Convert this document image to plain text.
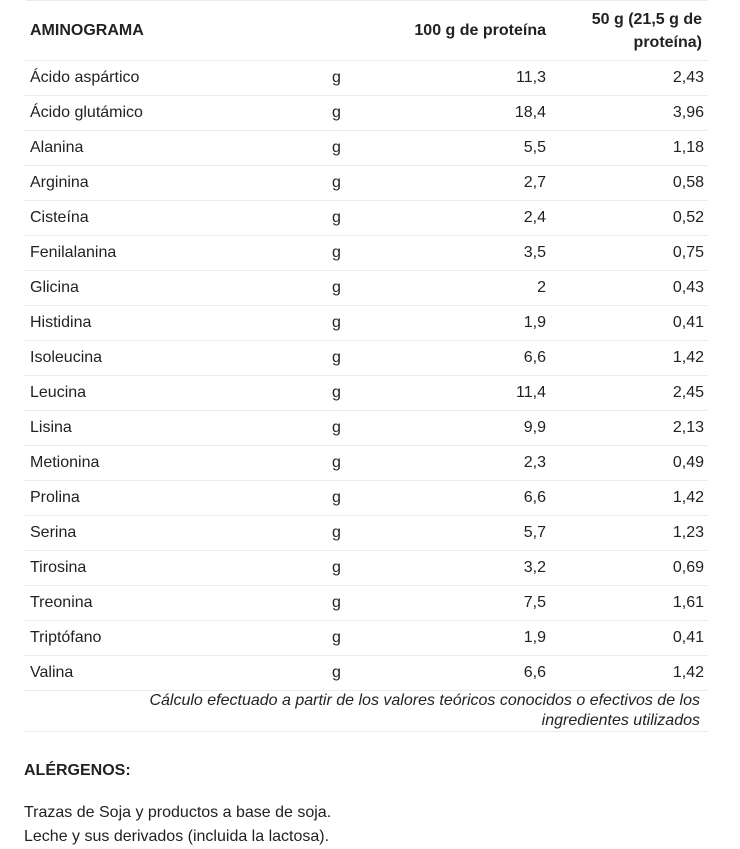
AMINOGRAMA		100 g de proteína	50 g (21,5 g de
proteína)
Ácido aspártico	g	11,3	2,43
Ácido glutámico	g	18,4	3,96
Alanina	g	5,5	1,18
Arginina	g	2,7	0,58
Cisteína	g	2,4	0,52
Fenilalanina	g	3,5	0,75
Glicina	g	2	0,43
Histidina	g	1,9	0,41
Isoleucina	g	6,6	1,42
Leucina	g	11,4	2,45
Lisina	g	9,9	2,13
Metionina	g	2,3	0,49
Prolina	g	6,6	1,42
Serina	g	5,7	1,23
Tirosina	g	3,2	0,69
Treonina	g	7,5	1,61
Triptófano	g	1,9	0,41
Valina	g	6,6	1,42
Cálculo efectuado a partir de los valores teóricos conocidos o efectivos de los
ingredientes utilizados			
ALÉRGENOS:

Trazas de Soja y productos a base de soja.

Leche y sus derivados (incluida la lactosa).
